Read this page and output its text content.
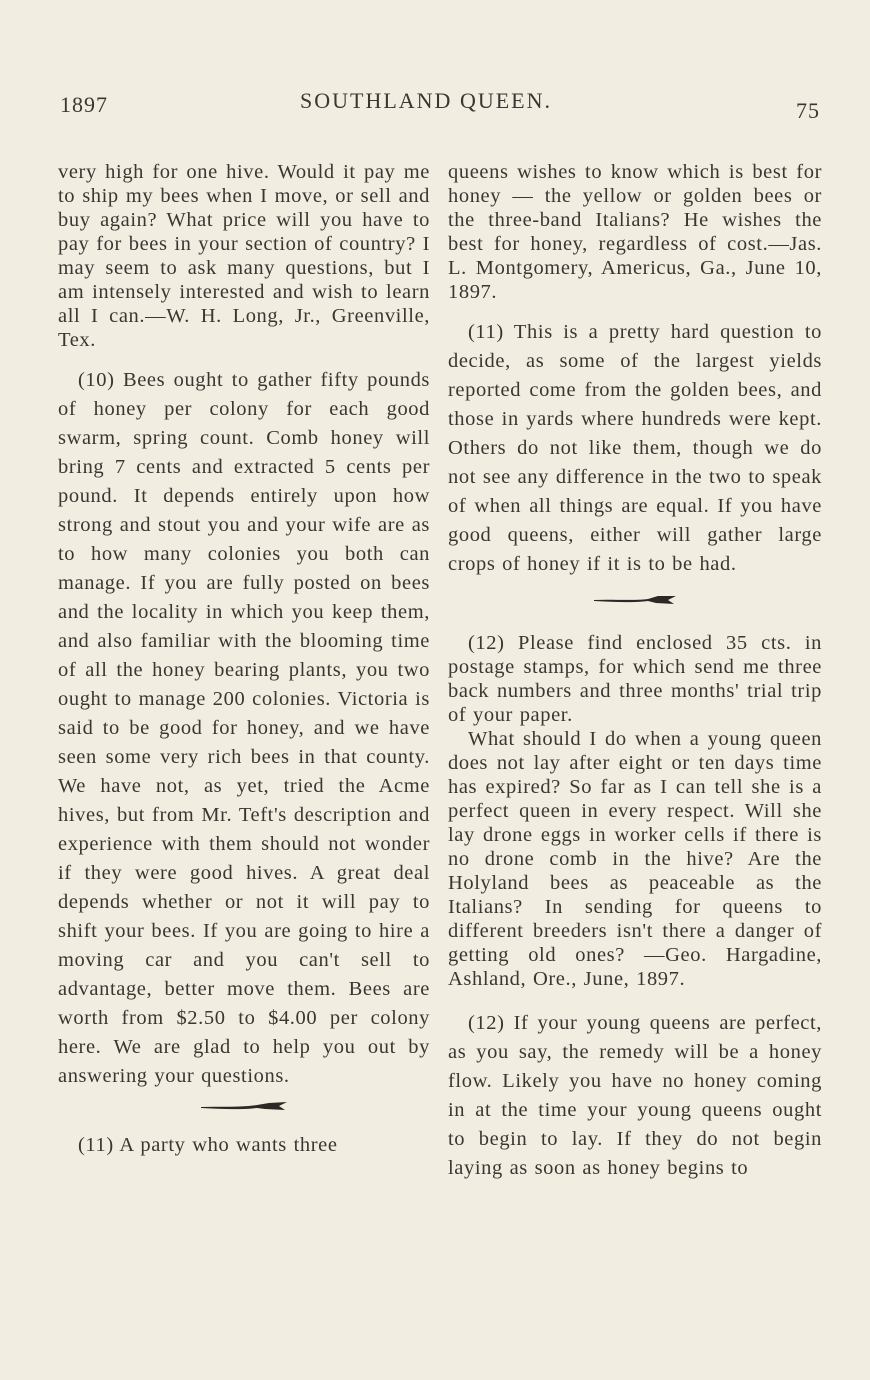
1897	SOUTHLAND QUEEN.	75

very high for one hive. Would it pay me to ship my bees when I move, or sell and buy again? What price will you have to pay for bees in your section of country? I may seem to ask many questions, but I am intensely interested and wish to learn all I can.—W. H. Long, Jr., Greenville, Tex.

(10) Bees ought to gather fifty pounds of honey per colony for each good swarm, spring count. Comb honey will bring 7 cents and extracted 5 cents per pound. It depends entirely upon how strong and stout you and your wife are as to how many colonies you both can manage. If you are fully posted on bees and the locality in which you keep them, and also familiar with the blooming time of all the honey bearing plants, you two ought to manage 200 colonies. Victoria is said to be good for honey, and we have seen some very rich bees in that county. We have not, as yet, tried the Acme hives, but from Mr. Teft's description and experience with them should not wonder if they were good hives. A great deal depends whether or not it will pay to shift your bees. If you are going to hire a moving car and you can't sell to advantage, better move them. Bees are worth from $2.50 to $4.00 per colony here. We are glad to help you out by answering your questions.

(11) A party who wants three

queens wishes to know which is best for honey — the yellow or golden bees or the three-band Italians? He wishes the best for honey, regardless of cost.—Jas. L. Montgomery, Americus, Ga., June 10, 1897.

(11) This is a pretty hard question to decide, as some of the largest yields reported come from the golden bees, and those in yards where hundreds were kept. Others do not like them, though we do not see any difference in the two to speak of when all things are equal. If you have good queens, either will gather large crops of honey if it is to be had.

(12) Please find enclosed 35 cts. in postage stamps, for which send me three back numbers and three months' trial trip of your paper.

What should I do when a young queen does not lay after eight or ten days time has expired? So far as I can tell she is a perfect queen in every respect. Will she lay drone eggs in worker cells if there is no drone comb in the hive? Are the Holyland bees as peaceable as the Italians? In sending for queens to different breeders isn't there a danger of getting old ones? —Geo. Hargadine, Ashland, Ore., June, 1897.

(12) If your young queens are perfect, as you say, the remedy will be a honey flow. Likely you have no honey coming in at the time your young queens ought to begin to lay. If they do not begin laying as soon as honey begins to
